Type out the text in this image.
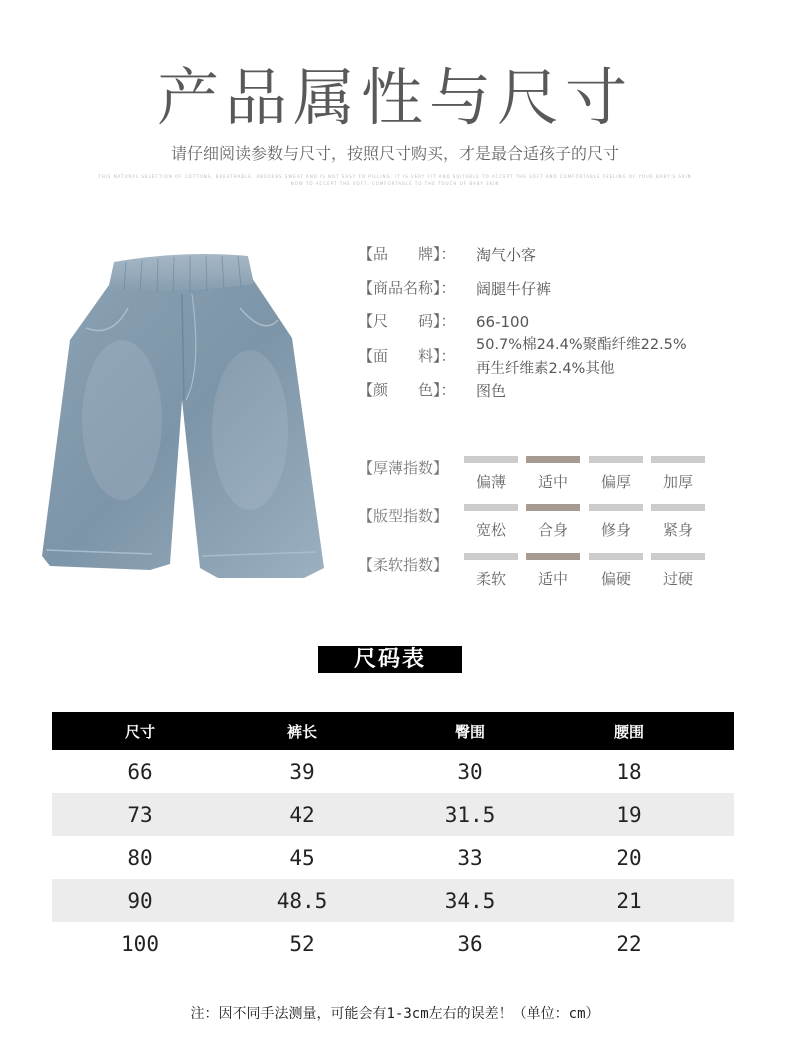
产品属性与尺寸
请仔细阅读参数与尺寸，按照尺寸购买，才是最合适孩子的尺寸
THIS NATURAL SELECTION OF COTTONS, BREATHABLE, ABSORBS SWEAT AND IS NOT EASY TO PILLING. IT IS VERY FIT AND SUITABLE TO ACCEPT THE SOFT AND COMFORTABLE FEELING OF YOUR BABY'S SKIN
NOW TO ACCEPT THE SOFT, COMFORTABLE TO THE TOUCH OF BABY SKIN
【品　　牌】：	淘气小客
【商品名称】：	阔腿牛仔裤
【尺　　码】：	66-100
【面　　料】：
50.7%棉24.4%聚酯纤维22.5%
再生纤维素2.4%其他
【颜　　色】：	图色
【厚薄指数】
偏薄	适中	偏厚	加厚
【版型指数】
宽松	合身	修身	紧身
【柔软指数】
柔软	适中	偏硬	过硬
尺码表
尺寸	裤长	臀围	腰围
66	39	30	18
73	42	31.5	19
80	45	33	20
90	48.5	34.5	21
100	52	36	22
注：因不同手法测量，可能会有1-3cm左右的误差！（单位：cm）
